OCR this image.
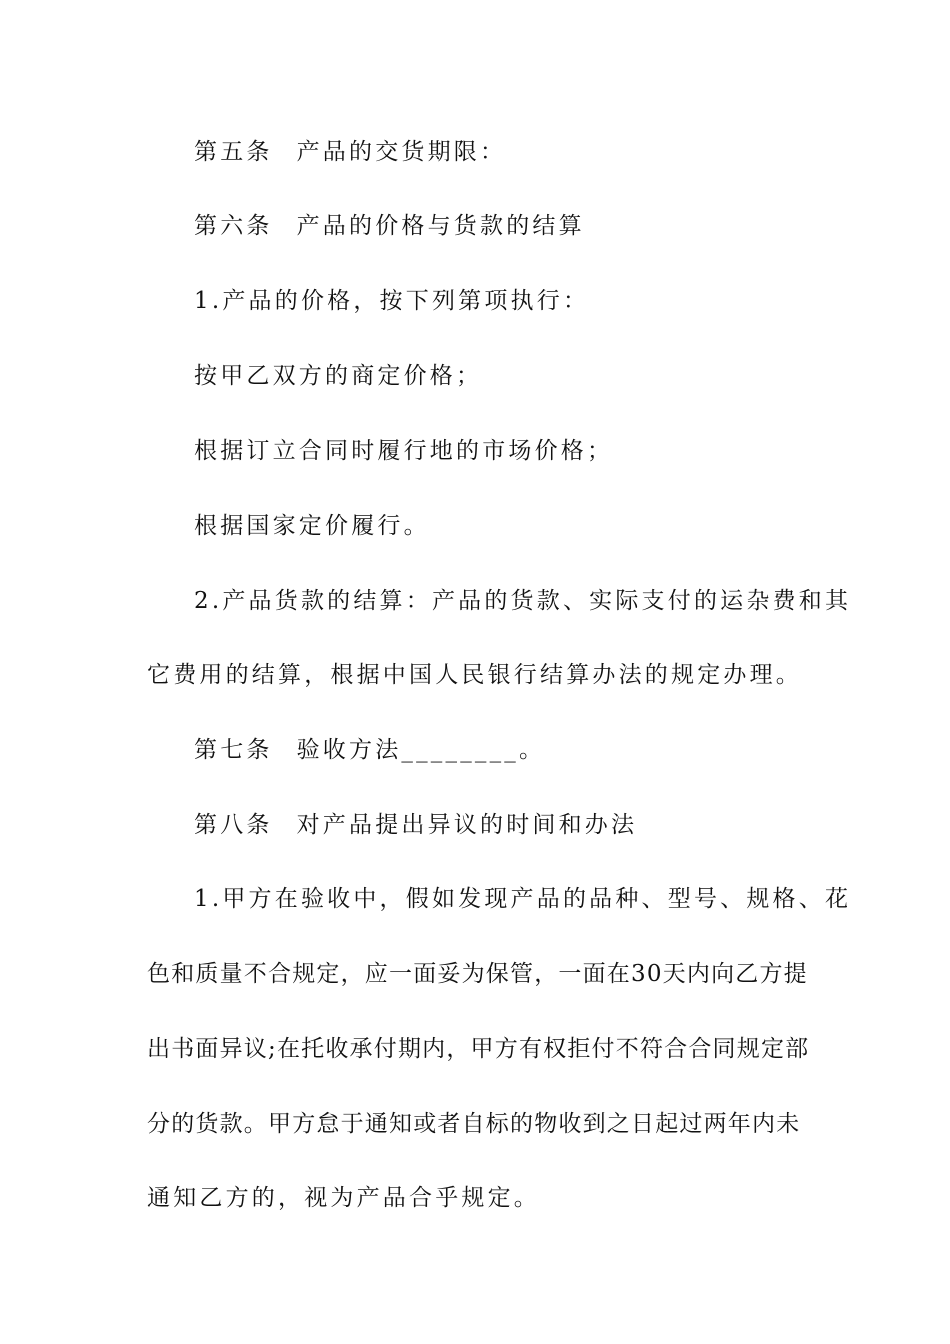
第五条 产品的交货期限：
第六条 产品的价格与货款的结算
1.产品的价格，按下列第项执行：
按甲乙双方的商定价格；
根据订立合同时履行地的市场价格；
根据国家定价履行。
2.产品货款的结算：产品的货款、实际支付的运杂费和其
它费用的结算，根据中国人民银行结算办法的规定办理。
第七条 验收方法________。
第八条 对产品提出异议的时间和办法
1.甲方在验收中，假如发现产品的品种、型号、规格、花
色和质量不合规定，应一面妥为保管，一面在30天内向乙方提
出书面异议;在托收承付期内，甲方有权拒付不符合合同规定部
分的货款。甲方怠于通知或者自标的物收到之日起过两年内未
通知乙方的，视为产品合乎规定。
